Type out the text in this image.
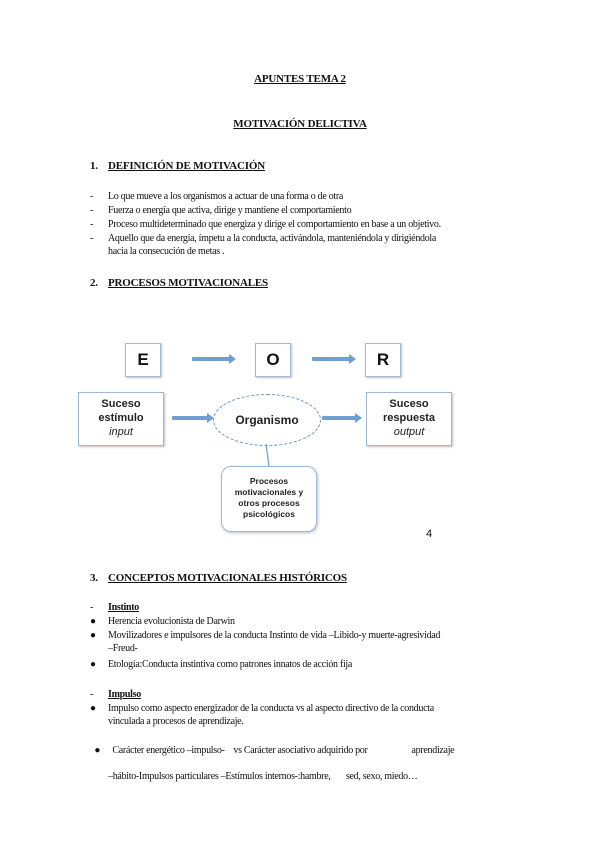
APUNTES TEMA 2
MOTIVACIÓN DELICTIVA
1. DEFINICIÓN DE MOTIVACIÓN
- Lo que mueve a los organismos a actuar de una forma o de otra
- Fuerza o energía que activa, dirige y mantiene el comportamiento
- Proceso multideterminado que energiza y dirige el comportamiento en base a un objetivo.
- Aquello que da energía, ímpetu a la conducta, activándola, manteniéndola y dirigiéndola
hacia la consecución de metas .
2. PROCESOS MOTIVACIONALES
E	O	R
Suceso
estímulo
input
Organismo
Suceso
respuesta
output
Procesos
motivacionales y
otros procesos
psicológicos
4
3. CONCEPTOS MOTIVACIONALES HISTÓRICOS
- Instinto
● Herencia evolucionista de Darwin
● Movilizadores e impulsores de la conducta Instinto de vida –Libido-y muerte-agresividad
–Freud-
● Etología:Conducta instintiva como patrones innatos de acción fija
- Impulso
● Impulso como aspecto energizador de la conducta vs al aspecto directivo de la conducta
vinculada a procesos de aprendizaje.

● Carácter energético –impulso-    vs Carácter asociativo adquirido por                    aprendizaje

–hábito-Impulsos particulares –Estímulos internos-:hambre,       sed, sexo, miedo…
